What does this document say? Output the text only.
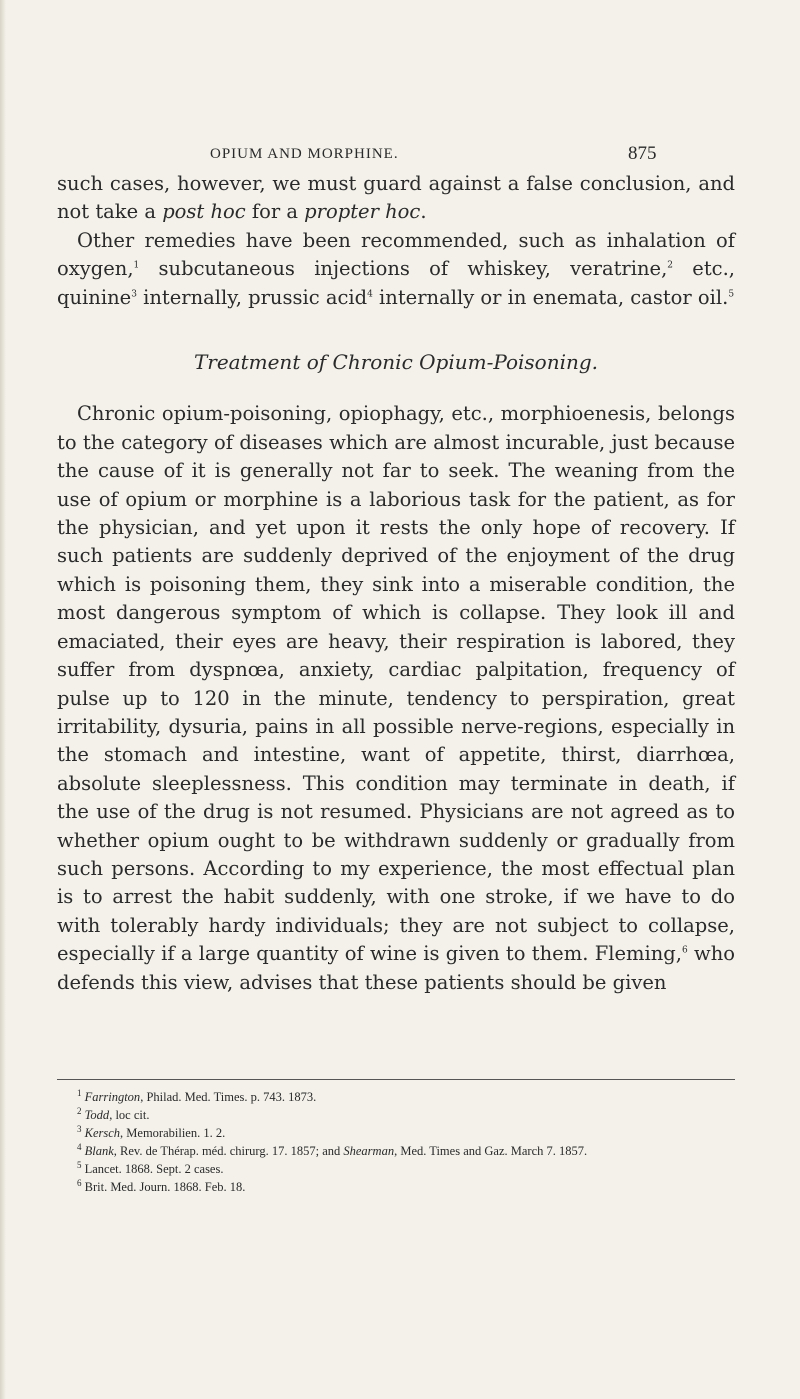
OPIUM AND MORPHINE.	875

such cases, however, we must guard against a false conclusion, and not take a post hoc for a propter hoc.

Other remedies have been recommended, such as inhalation of oxygen,$^1$ subcutaneous injections of whiskey, veratrine,$^2$ etc., quinine$^3$ internally, prussic acid$^4$ internally or in enemata, castor oil.$^5$

Treatment of Chronic Opium-Poisoning.

Chronic opium-poisoning, opiophagy, etc., morphioenesis, belongs to the category of diseases which are almost incurable, just because the cause of it is generally not far to seek. The weaning from the use of opium or morphine is a laborious task for the patient, as for the physician, and yet upon it rests the only hope of recovery. If such patients are suddenly deprived of the enjoyment of the drug which is poisoning them, they sink into a miserable condition, the most dangerous symptom of which is collapse. They look ill and emaciated, their eyes are heavy, their respiration is labored, they suffer from dyspnœa, anxiety, cardiac palpitation, frequency of pulse up to 120 in the minute, tendency to perspiration, great irritability, dysuria, pains in all possible nerve-regions, especially in the stomach and intestine, want of appetite, thirst, diarrhœa, absolute sleeplessness. This condition may terminate in death, if the use of the drug is not resumed. Physicians are not agreed as to whether opium ought to be withdrawn suddenly or gradually from such persons. According to my experience, the most effectual plan is to arrest the habit suddenly, with one stroke, if we have to do with tolerably hardy individuals; they are not subject to collapse, especially if a large quantity of wine is given to them. Fleming,$^6$ who defends this view, advises that these patients should be given

$^1$ Farrington, Philad. Med. Times. p. 743. 1873.

$^2$ Todd, loc cit.

$^3$ Kersch, Memorabilien. 1. 2.

$^4$ Blank, Rev. de Thérap. méd. chirurg. 17. 1857; and Shearman, Med. Times and Gaz. March 7. 1857.

$^5$ Lancet. 1868. Sept. 2 cases.

$^6$ Brit. Med. Journ. 1868. Feb. 18.
